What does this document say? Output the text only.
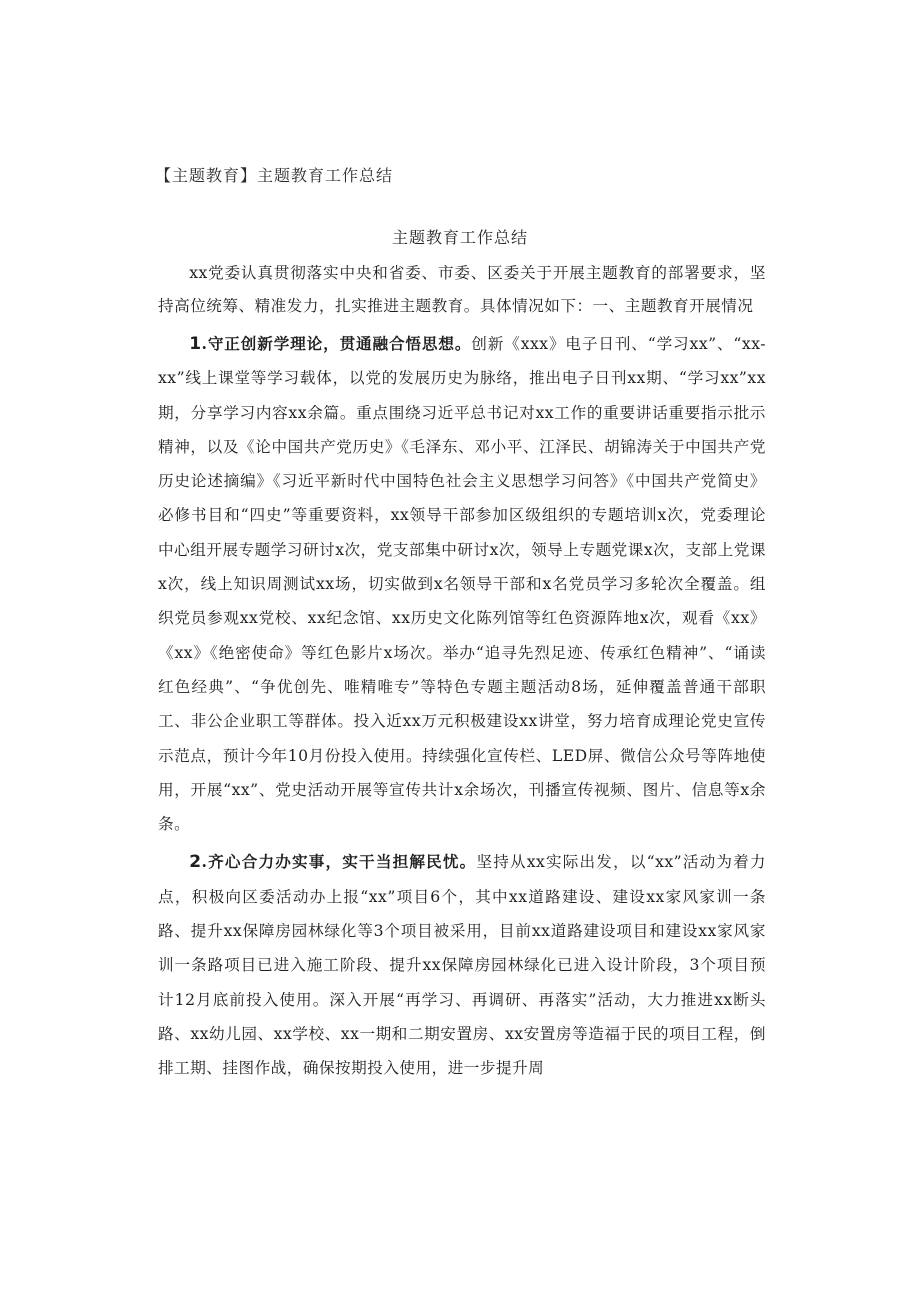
【主题教育】主题教育工作总结
主题教育工作总结

xx党委认真贯彻落实中央和省委、市委、区委关于开展主题教育的部署要求，坚持高位统筹、精准发力，扎实推进主题教育。具体情况如下：一、主题教育开展情况

1.守正创新学理论，贯通融合悟思想。创新《xxx》电子日刊、“学习xx”、“xx-xx”线上课堂等学习载体，以党的发展历史为脉络，推出电子日刊xx期、“学习xx”xx期，分享学习内容xx余篇。重点围绕习近平总书记对xx工作的重要讲话重要指示批示精神，以及《论中国共产党历史》《毛泽东、邓小平、江泽民、胡锦涛关于中国共产党历史论述摘编》《习近平新时代中国特色社会主义思想学习问答》《中国共产党简史》必修书目和“四史”等重要资料，xx领导干部参加区级组织的专题培训x次，党委理论中心组开展专题学习研讨x次，党支部集中研讨x次，领导上专题党课x次，支部上党课x次，线上知识周测试xx场，切实做到x名领导干部和x名党员学习多轮次全覆盖。组织党员参观xx党校、xx纪念馆、xx历史文化陈列馆等红色资源阵地x次，观看《xx》《xx》《绝密使命》等红色影片x场次。举办“追寻先烈足迹、传承红色精神”、“诵读红色经典”、“争优创先、唯精唯专”等特色专题主题活动8场，延伸覆盖普通干部职工、非公企业职工等群体。投入近xx万元积极建设xx讲堂，努力培育成理论党史宣传示范点，预计今年10月份投入使用。持续强化宣传栏、LED屏、微信公众号等阵地使用，开展“xx”、党史活动开展等宣传共计x余场次，刊播宣传视频、图片、信息等x余条。

2.齐心合力办实事，实干当担解民忧。坚持从xx实际出发，以“xx”活动为着力点，积极向区委活动办上报“xx”项目6个，其中xx道路建设、建设xx家风家训一条路、提升xx保障房园林绿化等3个项目被采用，目前xx道路建设项目和建设xx家风家训一条路项目已进入施工阶段、提升xx保障房园林绿化已进入设计阶段，3个项目预计12月底前投入使用。深入开展“再学习、再调研、再落实”活动，大力推进xx断头路、xx幼儿园、xx学校、xx一期和二期安置房、xx安置房等造福于民的项目工程，倒排工期、挂图作战，确保按期投入使用，进一步提升周
